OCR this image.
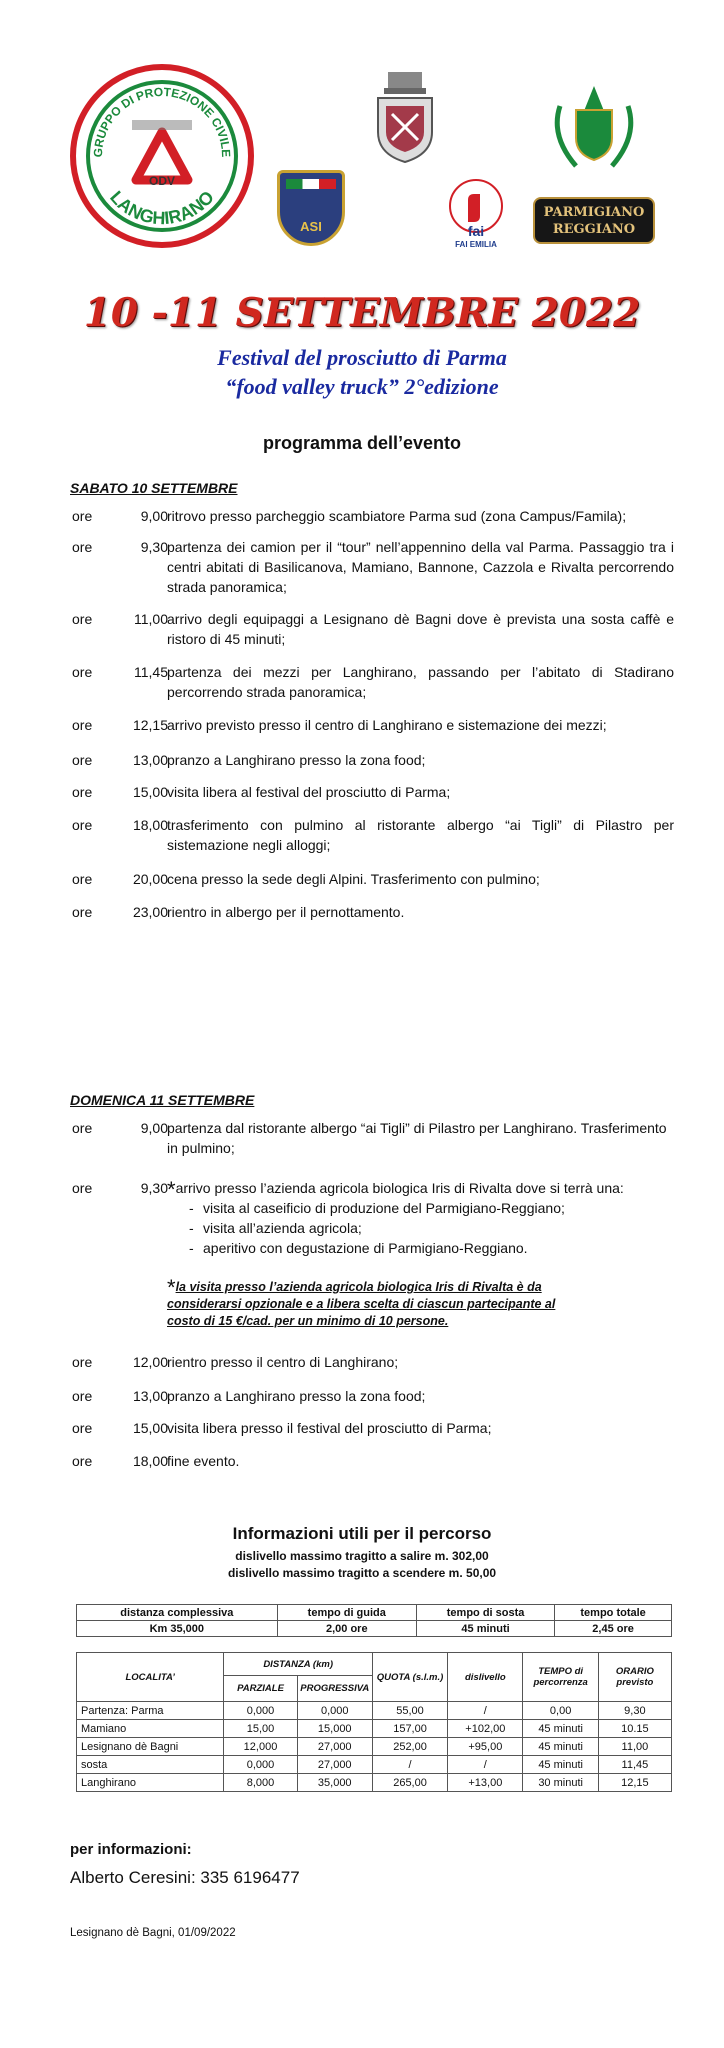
GRUPPO DI PROTEZIONE CIVILE
LANGHIRANO
ODV
ASI	fai
FAI EMILIA
PARMIGIANO
REGGIANO
10 -11 SETTEMBRE 2022
Festival del prosciutto di Parma
“food valley truck” 2°edizione
programma dell’evento
SABATO 10 SETTEMBRE
ore	9,00 ritrovo presso parcheggio scambiatore Parma sud (zona Campus/Famila);
ore	9,30 partenza dei camion per il “tour” nell’appennino della val Parma. Passaggio tra i centri abitati di Basilicanova, Mamiano, Bannone, Cazzola e Rivalta percorrendo strada panoramica;
ore	11,00 arrivo degli equipaggi a Lesignano dè Bagni dove è prevista una sosta caffè e ristoro di 45 minuti;
ore	11,45 partenza dei mezzi per Langhirano, passando per l’abitato di Stadirano percorrendo strada panoramica;
ore	12,15 arrivo previsto presso il centro di Langhirano e sistemazione dei mezzi;
ore	13,00 pranzo a Langhirano presso la zona food;
ore	15,00 visita libera al festival del prosciutto di Parma;
ore	18,00 trasferimento con pulmino al ristorante albergo “ai Tigli” di Pilastro per sistemazione negli alloggi;
ore	20,00 cena presso la sede degli Alpini. Trasferimento con pulmino;
ore	23,00 rientro in albergo per il pernottamento.
DOMENICA 11 SETTEMBRE
ore	9,00 partenza dal ristorante albergo “ai Tigli” di Pilastro per Langhirano. Trasferimento in pulmino;
ore	9,30 *arrivo presso l’azienda agricola biologica Iris di Rivalta dove si terrà una:
- visita al caseificio di produzione del Parmigiano-Reggiano;
- visita all’azienda agricola;
- aperitivo con degustazione di Parmigiano-Reggiano.
*la visita presso l’azienda agricola biologica Iris di Rivalta è da considerarsi opzionale e a libera scelta di ciascun partecipante al costo di 15 €/cad. per un minimo di 10 persone.
ore	12,00 rientro presso il centro di Langhirano;
ore	13,00 pranzo a Langhirano presso la zona food;
ore	15,00 visita libera presso il festival del prosciutto di Parma;
ore	18,00 fine evento.
Informazioni utili per il percorso
dislivello massimo tragitto a salire m. 302,00
dislivello massimo tragitto a scendere m. 50,00
distanza complessiva	tempo di guida	tempo di sosta	tempo totale
Km 35,000	2,00 ore	45 minuti	2,45 ore
LOCALITA’	DISTANZA (km)		QUOTA (s.l.m.)	dislivello	TEMPO di percorrenza	ORARIO previsto
	PARZIALE	PROGRESSIVA				
Partenza: Parma	0,000	0,000	55,00	/	0,00	9,30
Mamiano	15,00	15,000	157,00	+102,00	45 minuti	10.15
Lesignano dè Bagni	12,000	27,000	252,00	+95,00	45 minuti	11,00
sosta	0,000	27,000	/	/	45 minuti	11,45
Langhirano	8,000	35,000	265,00	+13,00	30 minuti	12,15
per informazioni:
Alberto Ceresini: 335 6196477
Lesignano dè Bagni, 01/09/2022
